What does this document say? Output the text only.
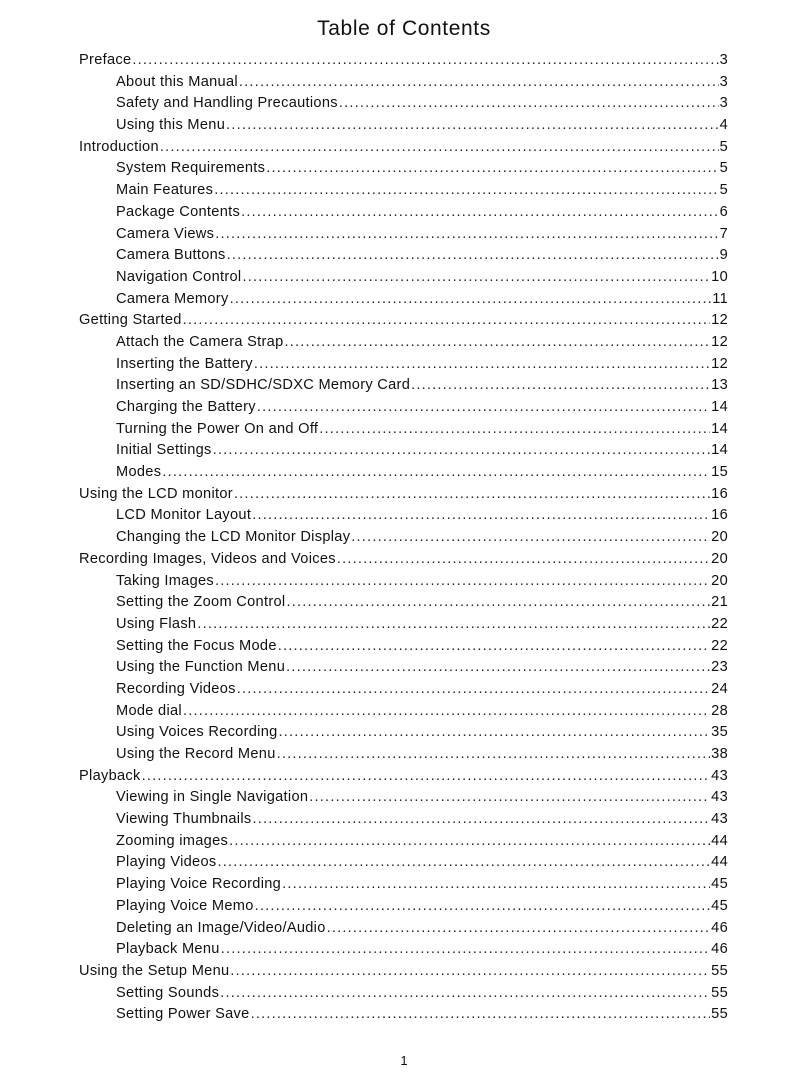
Table of Contents
Preface .....	3
About this Manual .....	3
Safety and Handling Precautions .....	3
Using this Menu .....	4
Introduction .....	5
System Requirements .....	5
Main Features .....	5
Package Contents .....	6
Camera Views .....	7
Camera Buttons .....	9
Navigation Control .....	10
Camera Memory .....	11
Getting Started .....	12
Attach the Camera Strap .....	12
Inserting the Battery .....	12
Inserting an SD/SDHC/SDXC Memory Card .....	13
Charging the Battery .....	14
Turning the Power On and Off .....	14
Initial Settings .....	14
Modes .....	15
Using the LCD monitor .....	16
LCD Monitor Layout .....	16
Changing the LCD Monitor Display .....	20
Recording Images, Videos and Voices .....	20
Taking Images .....	20
Setting the Zoom Control .....	21
Using Flash .....	22
Setting the Focus Mode .....	22
Using the Function Menu .....	23
Recording Videos .....	24
Mode dial .....	28
Using Voices Recording .....	35
Using the Record Menu .....	38
Playback .....	43
Viewing in Single Navigation .....	43
Viewing Thumbnails .....	43
Zooming images .....	44
Playing Videos .....	44
Playing Voice Recording .....	45
Playing Voice Memo .....	45
Deleting an Image/Video/Audio .....	46
Playback Menu .....	46
Using the Setup Menu .....	55
Setting Sounds .....	55
Setting Power Save .....	55
1
